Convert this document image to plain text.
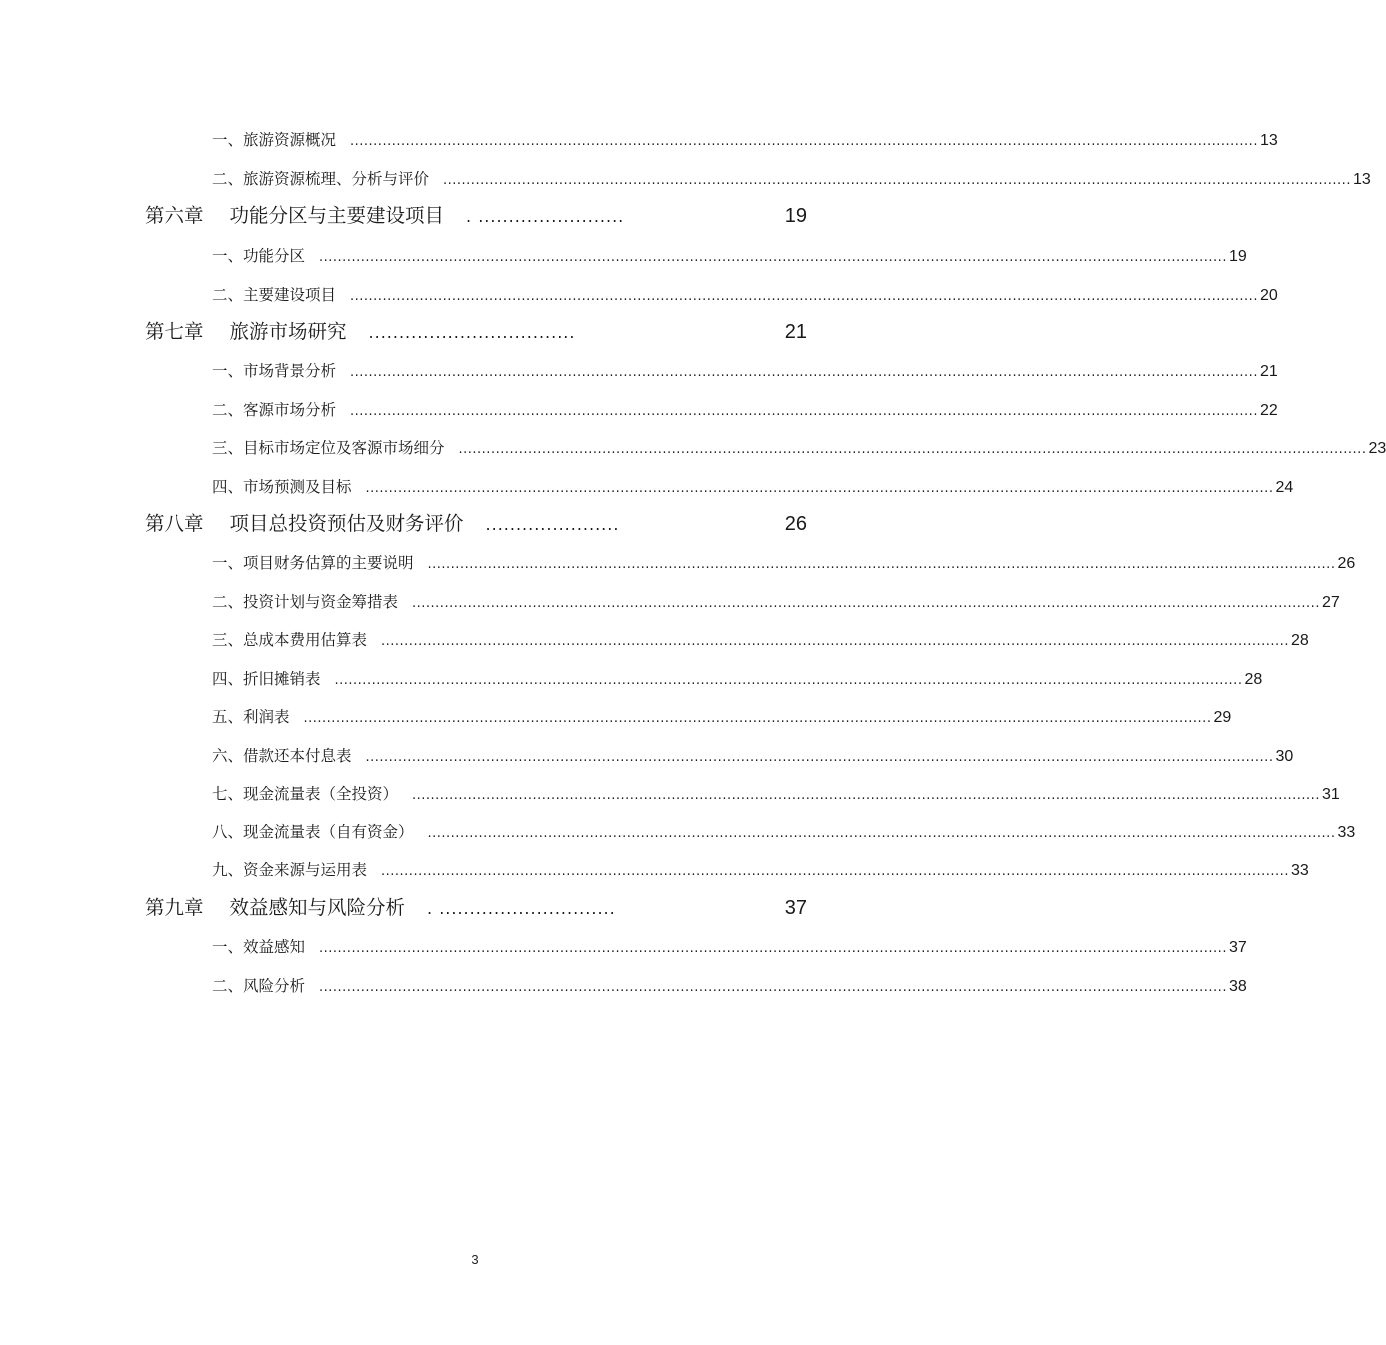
一、旅游资源概况 .................................................................................................................................................................................................... 13
二、旅游资源梳理、分析与评价 .................................................................................................................................................................................................... 13
第六章 功能分区与主要建设项目 . ........................	19
一、功能分区 .................................................................................................................................................................................................... 19
二、主要建设项目 .................................................................................................................................................................................................... 20
第七章 旅游市场研究 ..................................	21
一、市场背景分析 .................................................................................................................................................................................................... 21
二、客源市场分析 .................................................................................................................................................................................................... 22
三、目标市场定位及客源市场细分 .................................................................................................................................................................................................... 23
四、市场预测及目标 .................................................................................................................................................................................................... 24
第八章 项目总投资预估及财务评价 ......................	26
一、项目财务估算的主要说明 .................................................................................................................................................................................................... 26
二、投资计划与资金筹措表 .................................................................................................................................................................................................... 27
三、总成本费用估算表 .................................................................................................................................................................................................... 28
四、折旧摊销表 .................................................................................................................................................................................................... 28
五、利润表 .................................................................................................................................................................................................... 29
六、借款还本付息表 .................................................................................................................................................................................................... 30
七、现金流量表（全投资） .................................................................................................................................................................................................... 31
八、现金流量表（自有资金） .................................................................................................................................................................................................... 33
九、资金来源与运用表 .................................................................................................................................................................................................... 33
第九章 效益感知与风险分析 . .............................	37
一、效益感知 .................................................................................................................................................................................................... 37
二、风险分析 .................................................................................................................................................................................................... 38
3
